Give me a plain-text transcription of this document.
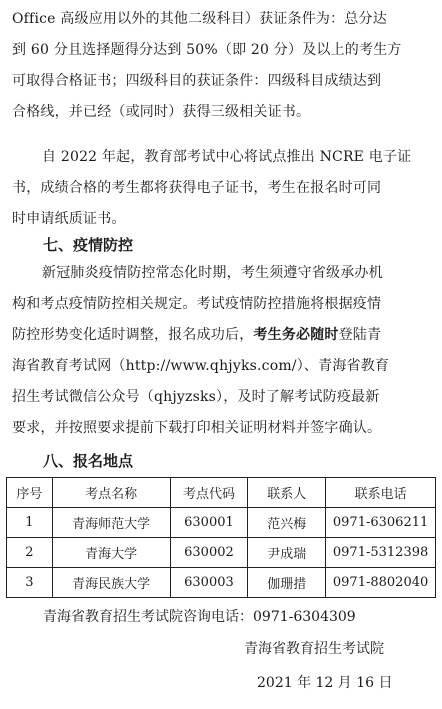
Office 高级应用以外的其他二级科目）获证条件为：总分达
到 60 分且选择题得分达到 50%（即 20 分）及以上的考生方
可取得合格证书；四级科目的获证条件：四级科目成绩达到
合格线，并已经（或同时）获得三级相关证书。

自 2022 年起，教育部考试中心将试点推出 NCRE 电子证
书，成绩合格的考生都将获得电子证书，考生在报名时可同
时申请纸质证书。

七、疫情防控

新冠肺炎疫情防控常态化时期，考生须遵守省级承办机
构和考点疫情防控相关规定。考试疫情防控措施将根据疫情
防控形势变化适时调整，报名成功后，考生务必随时登陆青
海省教育考试网（http://www.qhjyks.com/）、青海省教育
招生考试微信公众号（qhjyzsks），及时了解考试防疫最新
要求，并按照要求提前下载打印相关证明材料并签字确认。

八、报名地点
序号	考点名称	考点代码	联系人	联系电话
1	青海师范大学	630001	范兴梅	0971-6306211
2	青海大学	630002	尹成瑞	0971-5312398
3	青海民族大学	630003	伽珊措	0971-8802040

青海省教育招生考试院咨询电话：0971-6304309

青海省教育招生考试院

2021 年 12 月 16 日
